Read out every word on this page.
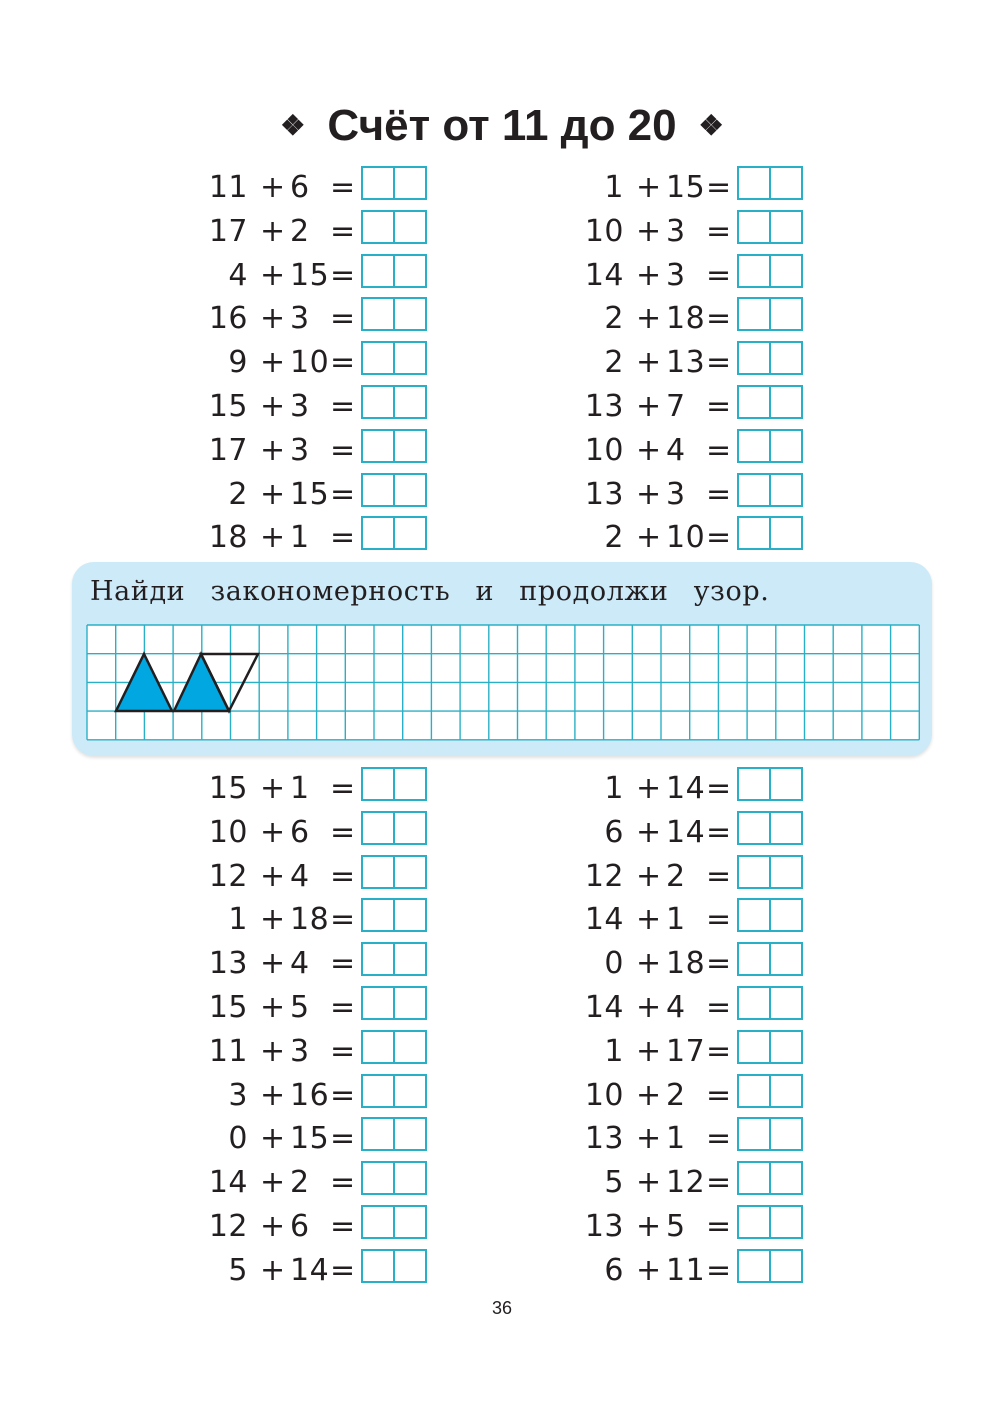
❖ Счёт от 11 до 20 ❖
11 + 6 =
17 + 2 =
4 + 15 =
16 + 3 =
9 + 10 =
15 + 3 =
17 + 3 =
2 + 15 =
18 + 1 =
1 + 15 =
10 + 3 =
14 + 3 =
2 + 18 =
2 + 13 =
13 + 7 =
10 + 4 =
13 + 3 =
2 + 10 =
Найди закономерность и продолжи узор.
15 + 1 =
10 + 6 =
12 + 4 =
1 + 18 =
13 + 4 =
15 + 5 =
11 + 3 =
3 + 16 =
0 + 15 =
14 + 2 =
12 + 6 =
5 + 14 =
1 + 14 =
6 + 14 =
12 + 2 =
14 + 1 =
0 + 18 =
14 + 4 =
1 + 17 =
10 + 2 =
13 + 1 =
5 + 12 =
13 + 5 =
6 + 11 =
36
